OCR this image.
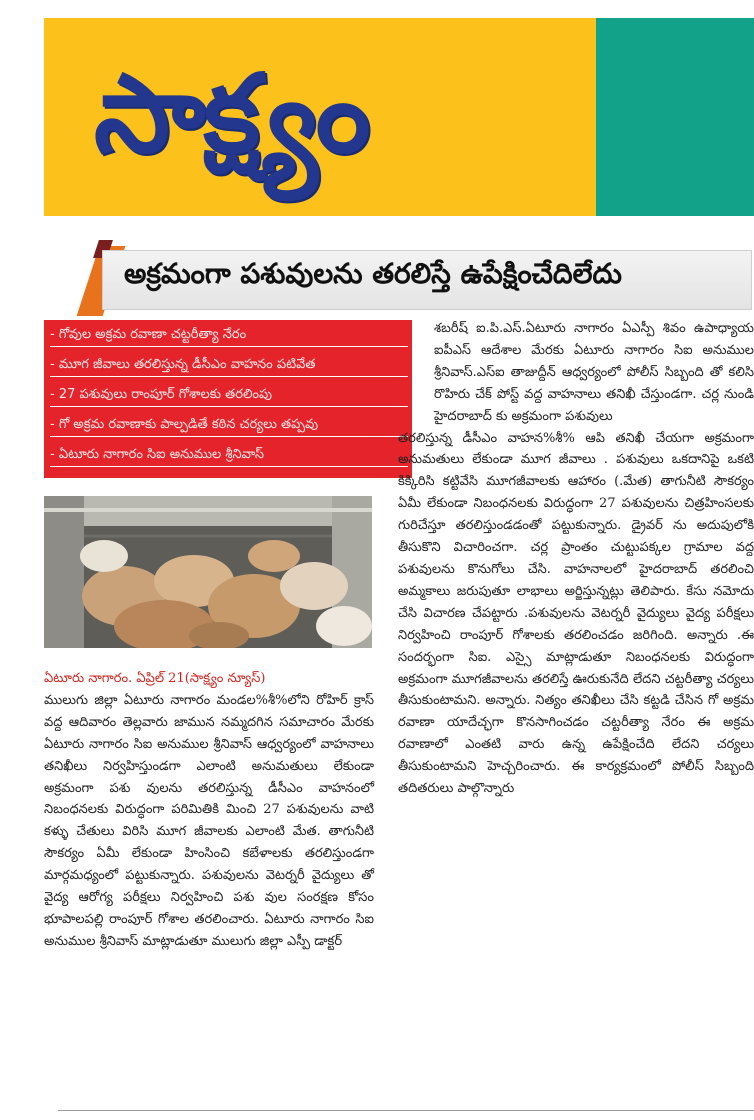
సాక్ష్యం
అక్రమంగా పశువులను తరలిస్తే ఉపేక్షించేదిలేదు
- గోవుల అక్రమ రవాణా చట్టరీత్యా నేరం
- మూగ జీవాలు తరలిస్తున్న డీసీఎం వాహనం పటివేత
- 27 పశువులు రాంపూర్ గోశాలకు తరలింపు
- గో అక్రమ రవాణాకు పాల్పడితే కఠిన చర్యలు తప్పవు
- ఏటూరు నాగారం సిఐ అనుముల శ్రీనివాస్

ఏటూరు నాగారం. ఏప్రిల్ 21(సాక్ష్యం న్యూస్)

ములుగు జిల్లా ఏటూరు నాగారం మండల%శీ%లోని రోహిర్ క్రాస్ వద్ద ఆదివారం తెల్లవారు జామున నమ్మదగిన సమాచారం మేరకు ఏటూరు నాగారం సిఐ అనుముల శ్రీనివాస్ ఆధ్వర్యంలో వాహనాలు తనిఖీలు నిర్వహిస్తుండగా ఎలాంటి అనుమతులు లేకుండా అక్రమంగా పశు వులను తరలిస్తున్న డీసీఎం వాహనంలో నిబంధనలకు విరుద్ధంగా పరిమితికి మించి 27 పశువులను వాటి కళ్ళు చేతులు విరిసి మూగ జీవాలకు ఎలాంటి మేత. తాగునీటి సౌకర్యం ఏమీ లేకుండా హింసించి కబేళాలకు తరలిస్తుండగా మార్గమధ్యంలో పట్టుకున్నారు. పశువులను వెటర్నరీ వైద్యులు తో వైద్య ఆరోగ్య పరీక్షలు నిర్వహించి పశు వుల సంరక్షణ కోసం భూపాలపల్లి రాంపూర్ గోశాల తరలించారు. ఏటూరు నాగారం సిఐ అనుముల శ్రీనివాస్ మాట్లాడుతూ ములుగు జిల్లా ఎస్పీ డాక్టర్

శబరీష్ ఐ.పి.ఎస్.ఏటూరు నాగారం ఏఎస్పీ శివం ఉపాధ్యాయ ఐపీఎస్ ఆదేశాల మేరకు ఏటూరు నాగారం సిఐ అనుముల శ్రీనివాస్.ఎస్ఐ తాజుద్దీన్ ఆధ్వర్యంలో పోలీస్ సిబ్బంది తో కలిసి రొహిరు చేక్ పోస్ట్ వద్ద వాహనాలు తనిఖీ చేస్తుండగా. చర్ల నుండి హైదరాబాద్ కు అక్రమంగా పశువులు

తరలిస్తున్న డీసీఎం వాహన%శీ% ఆపి తనిఖీ చేయగా అక్రమంగా అనుమతులు లేకుండా మూగ జీవాలు . పశువులు ఒకదానిపై ఒకటి కిక్కిరిసి కట్టివేసి మూగజీవాలకు ఆహారం (.మేత) తాగునీటి సౌకర్యం ఏమీ లేకుండా నిబంధనలకు విరుద్ధంగా 27 పశువులను చిత్రహింసలకు గురిచేస్తూ తరలిస్తుండడంతో పట్టుకున్నారు. డ్రైవర్ ను అదుపులోకి తీసుకొని విచారించగా. చర్ల ప్రాంతం చుట్టుపక్కల గ్రామాల వద్ద పశువులను కొనుగోలు చేసి. వాహనాలలో హైదరాబాద్ తరలించి అమ్మకాలు జరుపుతూ లాభాలు అర్జిస్తున్నట్లు తెలిపారు. కేసు నమోదు చేసి విచారణ చేపట్టారు .పశువులను వెటర్నరీ వైద్యులు వైద్య పరీక్షలు నిర్వహించి రాంపూర్ గోశాలకు తరలించడం జరిగింది. అన్నారు .ఈ సందర్భంగా సిఐ. ఎస్సై మాట్లాడుతూ నిబంధనలకు విరుద్ధంగా అక్రమంగా మూగజీవాలను తరలిస్తే ఊరుకునేది లేదని చట్టరీత్యా చర్యలు తీసుకుంటామని. అన్నారు. నిత్యం తనిఖీలు చేసి కట్టడి చేసిన గో అక్రమ రవాణా యాదేచ్ఛగా కొనసాగించడం చట్టరీత్యా నేరం ఈ అక్రమ రవాణాలో ఎంతటి వారు ఉన్న ఉపేక్షించేది లేదని చర్యలు తీసుకుంటామని హెచ్చరించారు. ఈ కార్యక్రమంలో పోలీస్ సిబ్బంది తదితరులు పాల్గొన్నారు
